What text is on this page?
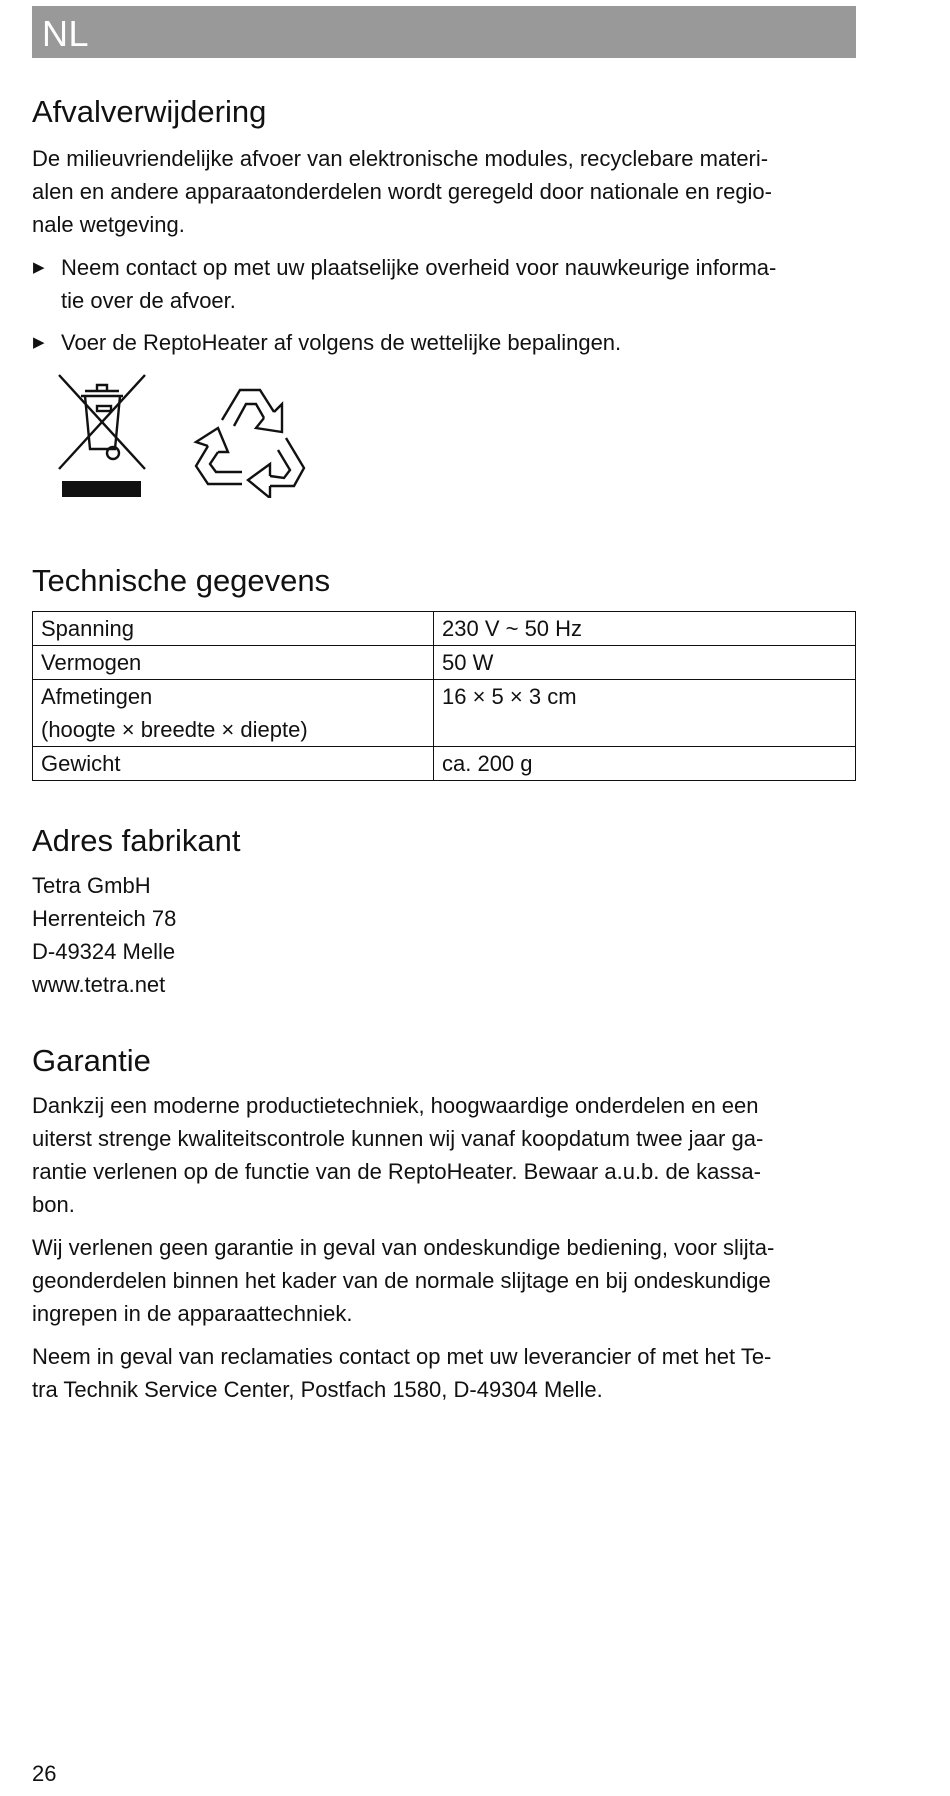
NL
Afvalverwijdering

De milieuvriendelijke afvoer van elektronische modules, recyclebare materi-
alen en andere apparaatonderdelen wordt geregeld door nationale en regio-
nale wetgeving.

▶ Neem contact op met uw plaatselijke overheid voor nauwkeurige informa-
tie over de afvoer.
▶ Voer de ReptoHeater af volgens de wettelijke bepalingen.
Technische gegevens
Spanning	230 V ~ 50 Hz
Vermogen	50 W
Afmetingen
(hoogte × breedte × diepte)	16 × 5 × 3 cm
Gewicht	ca. 200 g
Adres fabrikant

Tetra GmbH

Herrenteich 78

D-49324 Melle

www.tetra.net

Garantie

Dankzij een moderne productietechniek, hoogwaardige onderdelen en een
uiterst strenge kwaliteitscontrole kunnen wij vanaf koopdatum twee jaar ga-
rantie verlenen op de functie van de ReptoHeater. Bewaar a.u.b. de kassa-
bon.

Wij verlenen geen garantie in geval van ondeskundige bediening, voor slijta-
geonderdelen binnen het kader van de normale slijtage en bij ondeskundige
ingrepen in de apparaattechniek.

Neem in geval van reclamaties contact op met uw leverancier of met het Te-
tra Technik Service Center, Postfach 1580, D-49304 Melle.

26
